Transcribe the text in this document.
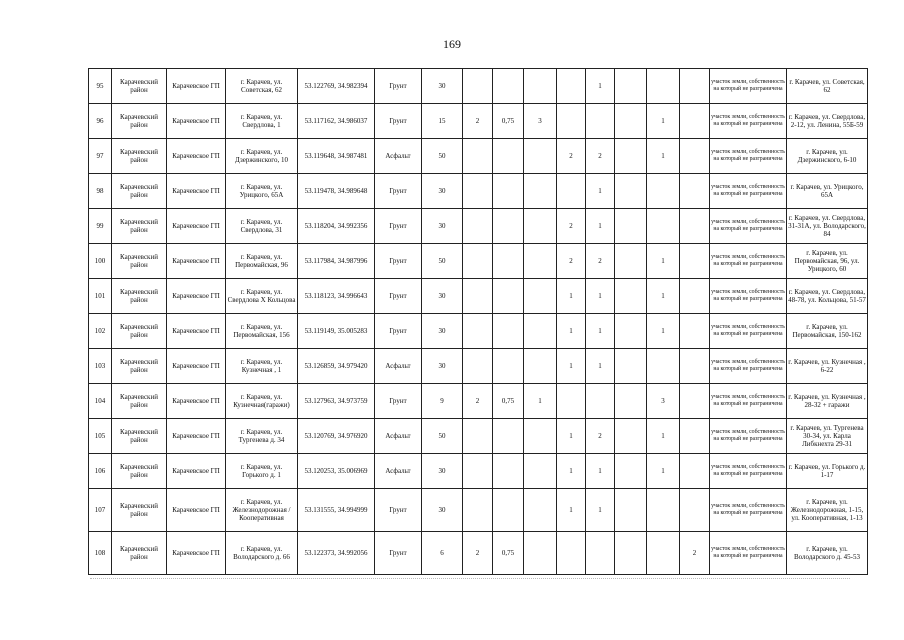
169
95	Карачевский район	Карачевское ГП	г. Карачев, ул. Советская, 62	53.122769, 34.982394	Грунт	30					1				участок земли, собственность на который не разграничена	г. Карачев, ул. Советская, 62
96	Карачевский район	Карачевское ГП	г. Карачев, ул. Свердлова, 1	53.117162, 34.986037	Грунт	15	2	0,75	3				1		участок земли, собственность на который не разграничена	г. Карачев, ул. Свердлова, 2-12, ул. Ленина, 55Б-59
97	Карачевский район	Карачевское ГП	г. Карачев, ул. Дзержинского, 10	53.119648, 34.987481	Асфальт	50				2	2		1		участок земли, собственность на который не разграничена	г. Карачев, ул. Дзержинского, 6-10
98	Карачевский район	Карачевское ГП	г. Карачев, ул. Урицкого, 65А	53.119478, 34.989648	Грунт	30					1				участок земли, собственность на который не разграничена	г. Карачев, ул. Урицкого, 65А
99	Карачевский район	Карачевское ГП	г. Карачев, ул. Свердлова, 31	53.118204, 34.992356	Грунт	30				2	1				участок земли, собственность на который не разграничена	г. Карачев, ул. Свердлова, 31-31А, ул. Володарского, 84
100	Карачевский район	Карачевское ГП	г. Карачев, ул. Первомайская, 96	53.117984, 34.987996	Грунт	50				2	2		1		участок земли, собственность на который не разграничена	г. Карачев, ул. Первомайская, 96, ул. Урицкого, 60
101	Карачевский район	Карачевское ГП	г. Карачев, ул. Свердлова Х Кольцова	53.118123, 34.996643	Грунт	30				1	1		1		участок земли, собственность на который не разграничена	г. Карачев, ул. Свердлова, 48-78, ул. Кольцова, 51-57
102	Карачевский район	Карачевское ГП	г. Карачев, ул. Первомайская, 156	53.119149, 35.005283	Грунт	30				1	1		1		участок земли, собственность на который не разграничена	г. Карачев, ул. Первомайская, 150-162
103	Карачевский район	Карачевское ГП	г. Карачев, ул. Кузнечная , 1	53.126859, 34.979420	Асфальт	30				1	1				участок земли, собственность на который не разграничена	г. Карачев, ул. Кузнечная , 6-22
104	Карачевский район	Карачевское ГП	г. Карачев, ул. Кузнечная(гаражи)	53.127963, 34.973759	Грунт	9	2	0,75	1				3		участок земли, собственность на который не разграничена	г. Карачев, ул. Кузнечная , 28-32 + гаражи
105	Карачевский район	Карачевское ГП	г. Карачев, ул. Тургенева д. 34	53.120769, 34.976920	Асфальт	50				1	2		1		участок земли, собственность на который не разграничена	г. Карачев, ул. Тургенева 30-34, ул. Карла Либкнехта 29-31
106	Карачевский район	Карачевское ГП	г. Карачев, ул. Горького д. 1	53.120253, 35.006969	Асфальт	30				1	1		1		участок земли, собственность на который не разграничена	г. Карачев, ул. Горького д. 1-17
107	Карачевский район	Карачевское ГП	г. Карачев, ул. Железнодорожная / Кооперативная	53.131555, 34.994999	Грунт	30				1	1				участок земли, собственность на который не разграничена	г. Карачев, ул. Железнодорожная, 1-15, ул. Кооперативная, 1-13
108	Карачевский район	Карачевское ГП	г. Карачев, ул. Володарского д. 66	53.122373, 34.992056	Грунт	6	2	0,75						2	участок земли, собственность на который не разграничена	г. Карачев, ул. Володарского д. 45-53
